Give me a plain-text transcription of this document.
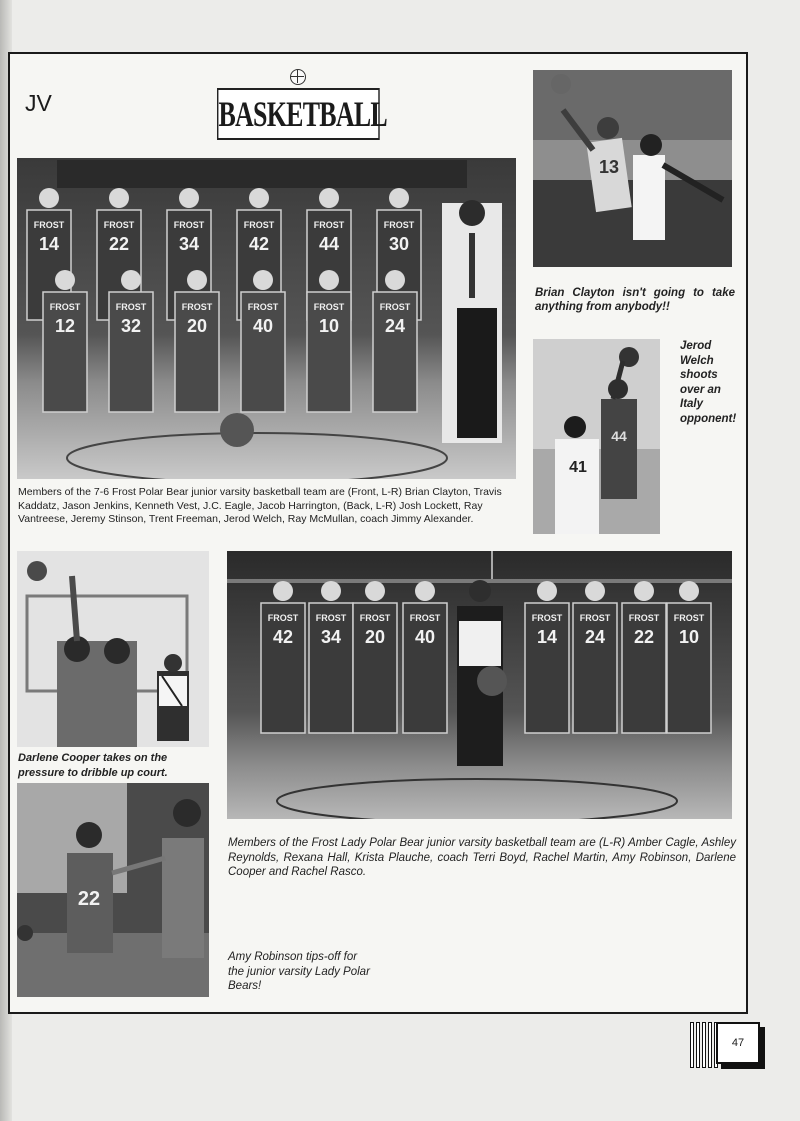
JV	BASKETBALL
FROST
14
FROST
22
FROST
34
FROST
42
FROST
44
FROST
30
FROST
12
FROST
32
FROST
20
FROST
40
FROST
10
FROST
24
Members of the 7-6 Frost Polar Bear junior varsity basketball team are (Front, L-R) Brian Clayton, Travis Kaddatz, Jason Jenkins, Kenneth Vest, J.C. Eagle, Jacob Harrington, (Back, L-R) Josh Lockett, Ray Vantreese, Jeremy Stinson, Trent Freeman, Jerod Welch, Ray McMullan, coach Jimmy Alexander.
13
Brian Clayton isn't going to take anything from anybody!!
44
41
Jerod Welch shoots over an Italy opponent!
Darlene Cooper takes on the pressure to dribble up court.
22
Amy Robinson tips-off for the junior varsity Lady Polar Bears!
FROST
42
FROST
34
FROST
20
FROST
40
FROST
14
FROST
24
FROST
22
FROST
10
Members of the Frost Lady Polar Bear junior varsity basketball team are (L-R) Amber Cagle, Ashley Reynolds, Rexana Hall, Krista Plauche, coach Terri Boyd, Rachel Martin, Amy Robinson, Darlene Cooper and Rachel Rasco.
47
